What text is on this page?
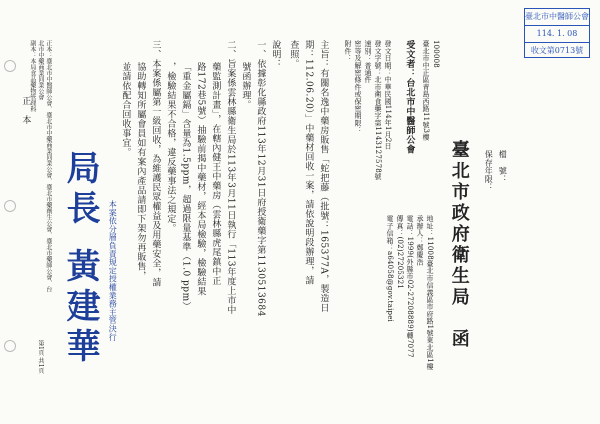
正　本
臺北市中醫師公會
114. 1. 08
收文第0713號
檔　號：
保存年限：
臺北市政府衛生局　函
地址：11008臺北市信義區市府路1號東北區1樓
承辦人：鄭慶浩
電話：1999(外縣市02-27208889)轉7077
傳真：(02)27205321
電子信箱：a64058@gov.taipei
100008
臺北市中正區青島西路11號3樓
受文者：台北市中醫師公會
發文日期：中華民國114年1月2日
發文字號：北市衛食藥字第1143127578號
速別：普通件
密等及解密條件或保密期限：
附件：
主旨：有關名逸中藥房販售「蛇把藤（批號：165377A，製造日
期：112.06.20）」中藥材回收一案，請依說明段辦理，請
查照。
說明：
一、依據彰化縣政府113年12月31日府授衛藥字第1130513684
號函辦理。
二、旨案係雲林縣衛生局於113年3月11日執行「113年度上市中
藥監測計畫」，在轄內健王中藥房（雲林縣虎尾鎮中正
路172巷5號）抽驗前揭中藥材，經本局檢驗，檢驗結果
「重金屬鎘」含量為1.5ppm，超過限量基準（1.0 ppm）
，檢驗結果不合格，違反藥事法之規定。
三、本案係屬第一級回收，為維護民眾權益及用藥安全，請
協助轉知所屬會員如有案內產品請即下架勿再販售，
並請依配合回收事宜。
局長 黃建華 本案依分層負責規定授權業務主管決行
正本：臺北市中醫師公會、臺北市中藥商業同業公會、臺北市藥劑生公會、臺北市藥師公會、台
北市中藥商業同業公會
副本：本局食品藥物管理科
第1頁 共1頁
